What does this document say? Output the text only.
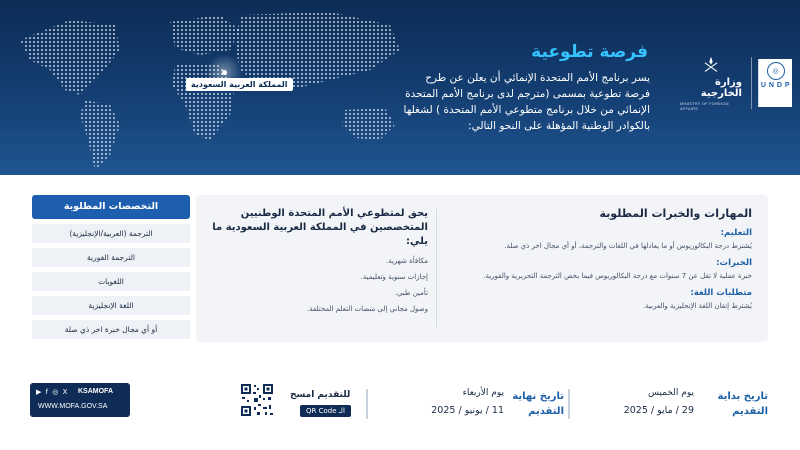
المملكة العربية السعودية
فرصة تطوعية
يسر برنامج الأمم المتحدة الإنمائي أن يعلن عن طرح فرصة تطوعية بمسمى (مترجم لدى برنامج الأمم المتحدة الإنمائي من خلال برنامج متطوعي الأمم المتحدة ) لشغلها بالكوادر الوطنية المؤهلة على النحو التالي:
◎
U N D P
وزارة الخارجية
MINISTRY OF FOREIGN AFFAIRS
المهارات والخبرات المطلوبة
التعليم:
يُشترط درجة البكالوريوس أو ما يعادلها في اللغات والترجمة، أو أي مجال اخر ذي صلة.
الخبرات:
خبرة عملية لا تقل عن 7 سنوات مع درجة البكالوريوس فيما يخص الترجمة التحريرية والفورية.
متطلبات اللغة:
يُشترط إتقان اللغة الإنجليزية والعربية.
يحق لمتطوعي الأمم المتحدة الوطنيين المتخصصين في المملكة العربية السعودية ما يلي:
مكافأة شهرية.
إجازات سنوية وتعليمية.
تأمين طبي.
وصول مجاني إلى منصات التعلم المختلفة.
التخصصات المطلوبة
الترجمة (العربية/الإنجليزية)
الترجمة الفورية
اللغويات
اللغة الإنجليزية
أو أي مجال خبرة اخر ذي صلة
تاريخ بداية
التقديم
يوم الخميس
29 / مايو / 2025
تاريخ نهاية
التقديم
يوم الأربعاء
11 / يونيو / 2025
للتقديم امسح
الـ QR Code
▶ f ◎ X KSAMOFA
WWW.MOFA.GOV.SA
